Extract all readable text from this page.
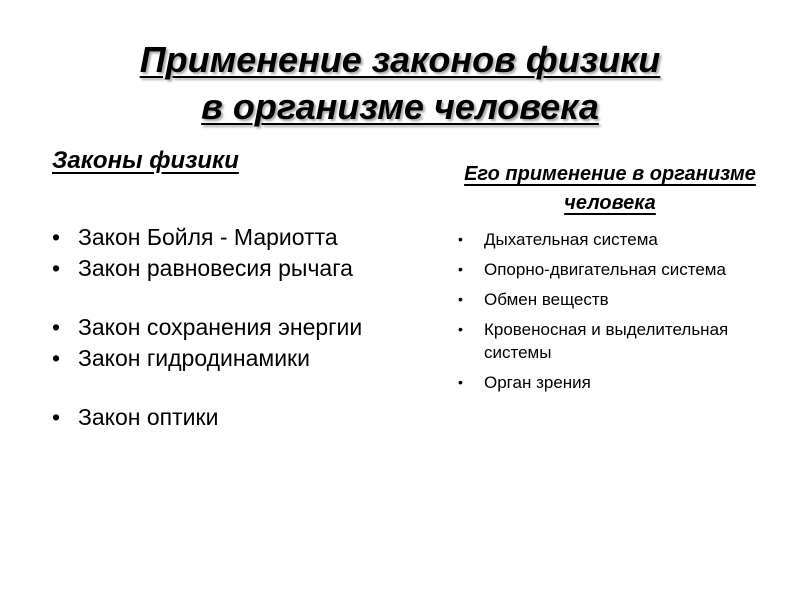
Применение законов физики
в организме человека
Законы физики
• Закон Бойля - Мариотта
• Закон равновесия рычага
• Закон сохранения энергии
• Закон гидродинамики
• Закон оптики
Его применение в организме человека
• Дыхательная система
• Опорно-двигательная система
• Обмен веществ
• Кровеносная и выделительная системы
• Орган зрения
